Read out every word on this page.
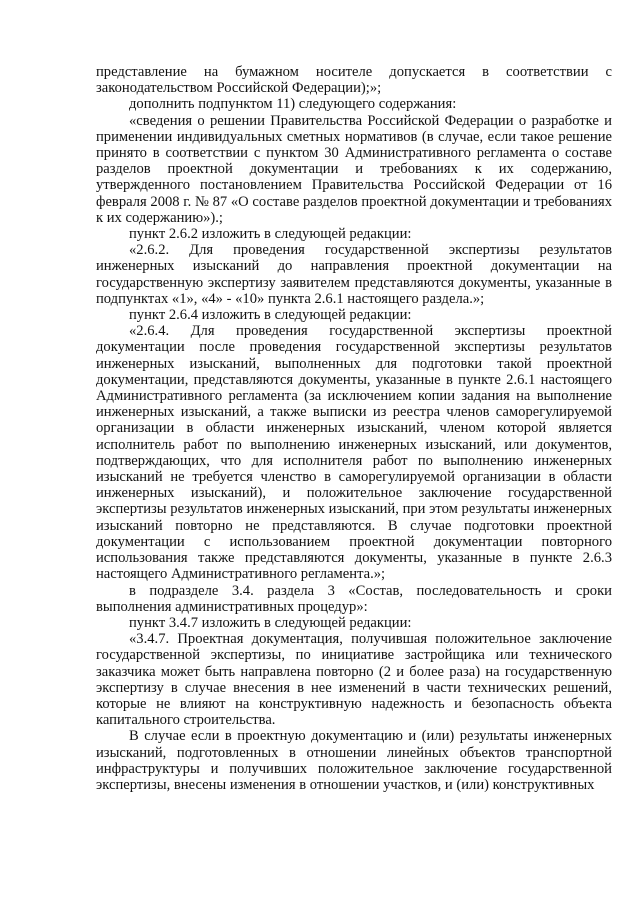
представление на бумажном носителе допускается в соответствии с законодательством Российской Федерации);»;

дополнить подпунктом 11) следующего содержания:

«сведения о решении Правительства Российской Федерации о разработке и применении индивидуальных сметных нормативов (в случае, если такое решение принято в соответствии с пунктом 30 Административного регламента о составе разделов проектной документации и требованиях к их содержанию, утвержденного постановлением Правительства Российской Федерации от 16 февраля 2008 г. № 87 «О составе разделов проектной документации и требованиях к их содержанию»).;

пункт 2.6.2 изложить в следующей редакции:

«2.6.2. Для проведения государственной экспертизы результатов инженерных изысканий до направления проектной документации на государственную экспертизу заявителем представляются документы, указанные в подпунктах «1», «4» - «10» пункта 2.6.1 настоящего раздела.»;

пункт 2.6.4 изложить в следующей редакции:

«2.6.4. Для проведения государственной экспертизы проектной документации после проведения государственной экспертизы результатов инженерных изысканий, выполненных для подготовки такой проектной документации, представляются документы, указанные в пункте 2.6.1 настоящего Административного регламента (за исключением копии задания на выполнение инженерных изысканий, а также выписки из реестра членов саморегулируемой организации в области инженерных изысканий, членом которой является исполнитель работ по выполнению инженерных изысканий, или документов, подтверждающих, что для исполнителя работ по выполнению инженерных изысканий не требуется членство в саморегулируемой организации в области инженерных изысканий), и положительное заключение государственной экспертизы результатов инженерных изысканий, при этом результаты инженерных изысканий повторно не представляются. В случае подготовки проектной документации с использованием проектной документации повторного использования также представляются документы, указанные в пункте 2.6.3 настоящего Административного регламента.»;

в подразделе 3.4. раздела 3 «Состав, последовательность и сроки выполнения административных процедур»:

пункт 3.4.7 изложить в следующей редакции:

«3.4.7. Проектная документация, получившая положительное заключение государственной экспертизы, по инициативе застройщика или технического заказчика может быть направлена повторно (2 и более раза) на государственную экспертизу в случае внесения в нее изменений в части технических решений, которые не влияют на конструктивную надежность и безопасность объекта капитального строительства.

В случае если в проектную документацию и (или) результаты инженерных изысканий, подготовленных в отношении линейных объектов транспортной инфраструктуры и получивших положительное заключение государственной экспертизы, внесены изменения в отношении участков, и (или) конструктивных
